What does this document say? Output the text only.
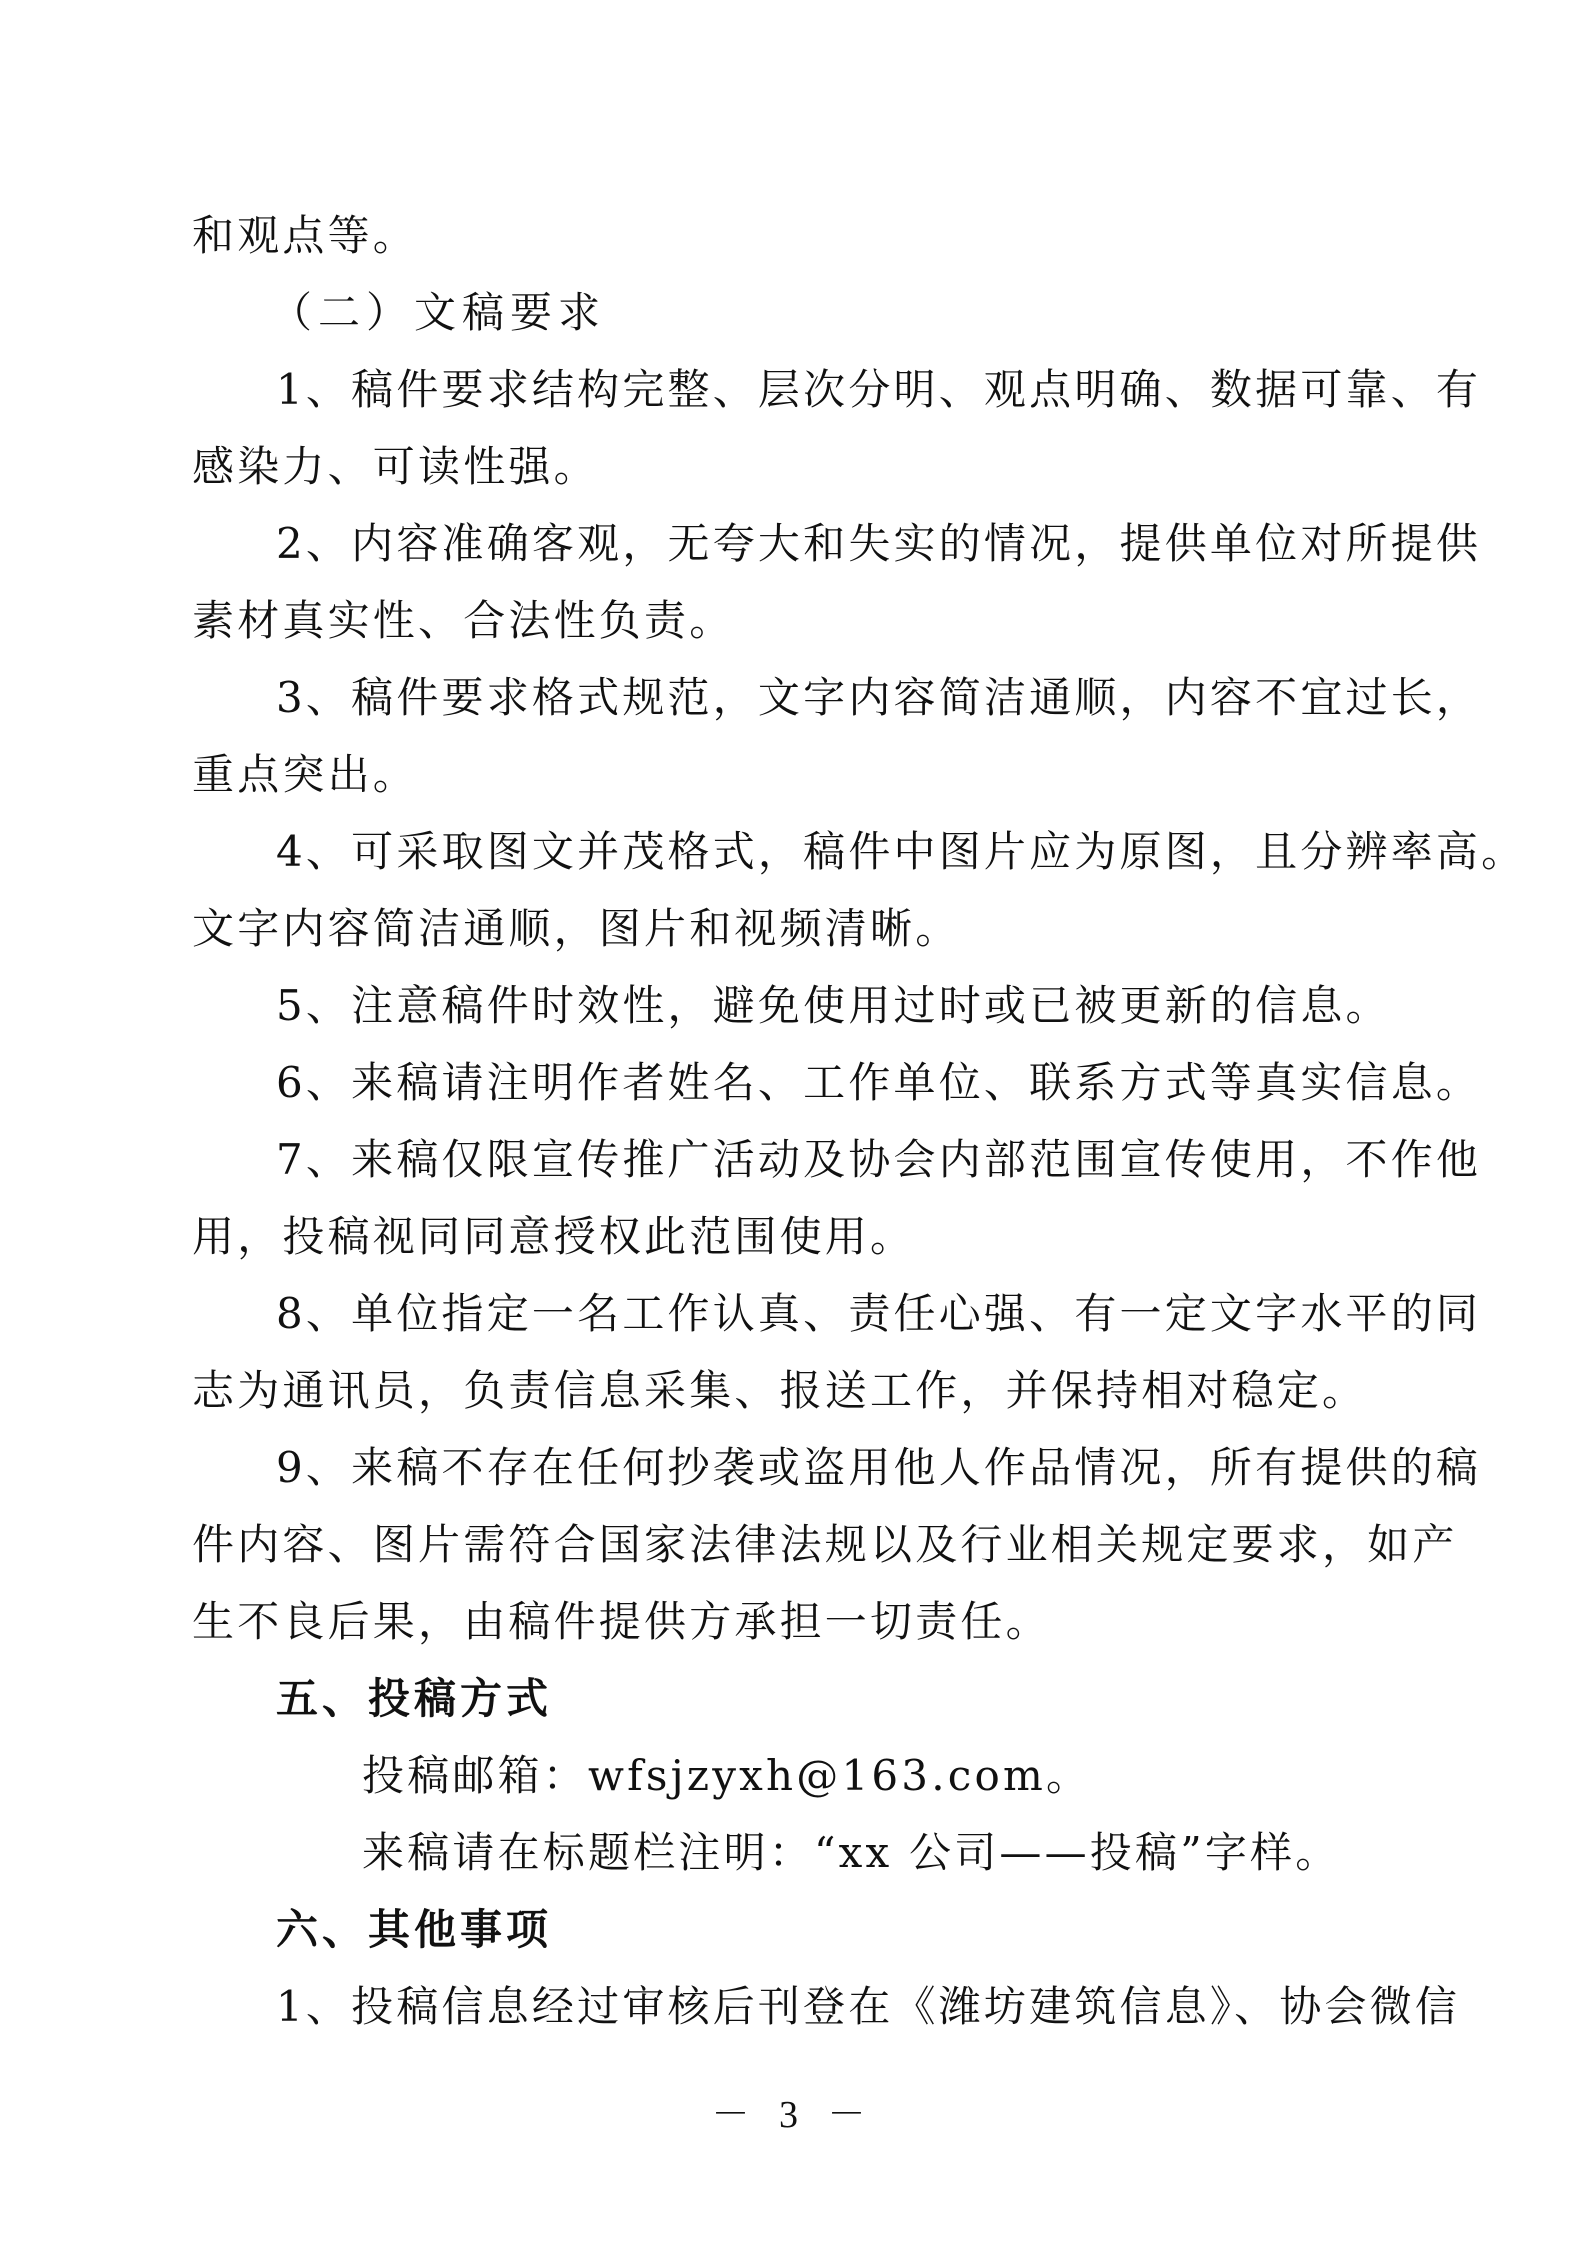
和观点等。
（二）文稿要求
1、稿件要求结构完整、层次分明、观点明确、数据可靠、有
感染力、可读性强。
2、内容准确客观，无夸大和失实的情况，提供单位对所提供
素材真实性、合法性负责。
3、稿件要求格式规范，文字内容简洁通顺，内容不宜过长，
重点突出。
4、可采取图文并茂格式，稿件中图片应为原图，且分辨率高。
文字内容简洁通顺，图片和视频清晰。
5、注意稿件时效性，避免使用过时或已被更新的信息。
6、来稿请注明作者姓名、工作单位、联系方式等真实信息。
7、来稿仅限宣传推广活动及协会内部范围宣传使用，不作他
用，投稿视同同意授权此范围使用。
8、单位指定一名工作认真、责任心强、有一定文字水平的同
志为通讯员，负责信息采集、报送工作，并保持相对稳定。
9、来稿不存在任何抄袭或盗用他人作品情况，所有提供的稿
件内容、图片需符合国家法律法规以及行业相关规定要求，如产
生不良后果，由稿件提供方承担一切责任。
五、投稿方式
投稿邮箱：wfsjzyxh@163.com。
来稿请在标题栏注明：“xx 公司——投稿”字样。
六、其他事项
1、投稿信息经过审核后刊登在《潍坊建筑信息》、协会微信
－ 3 －
